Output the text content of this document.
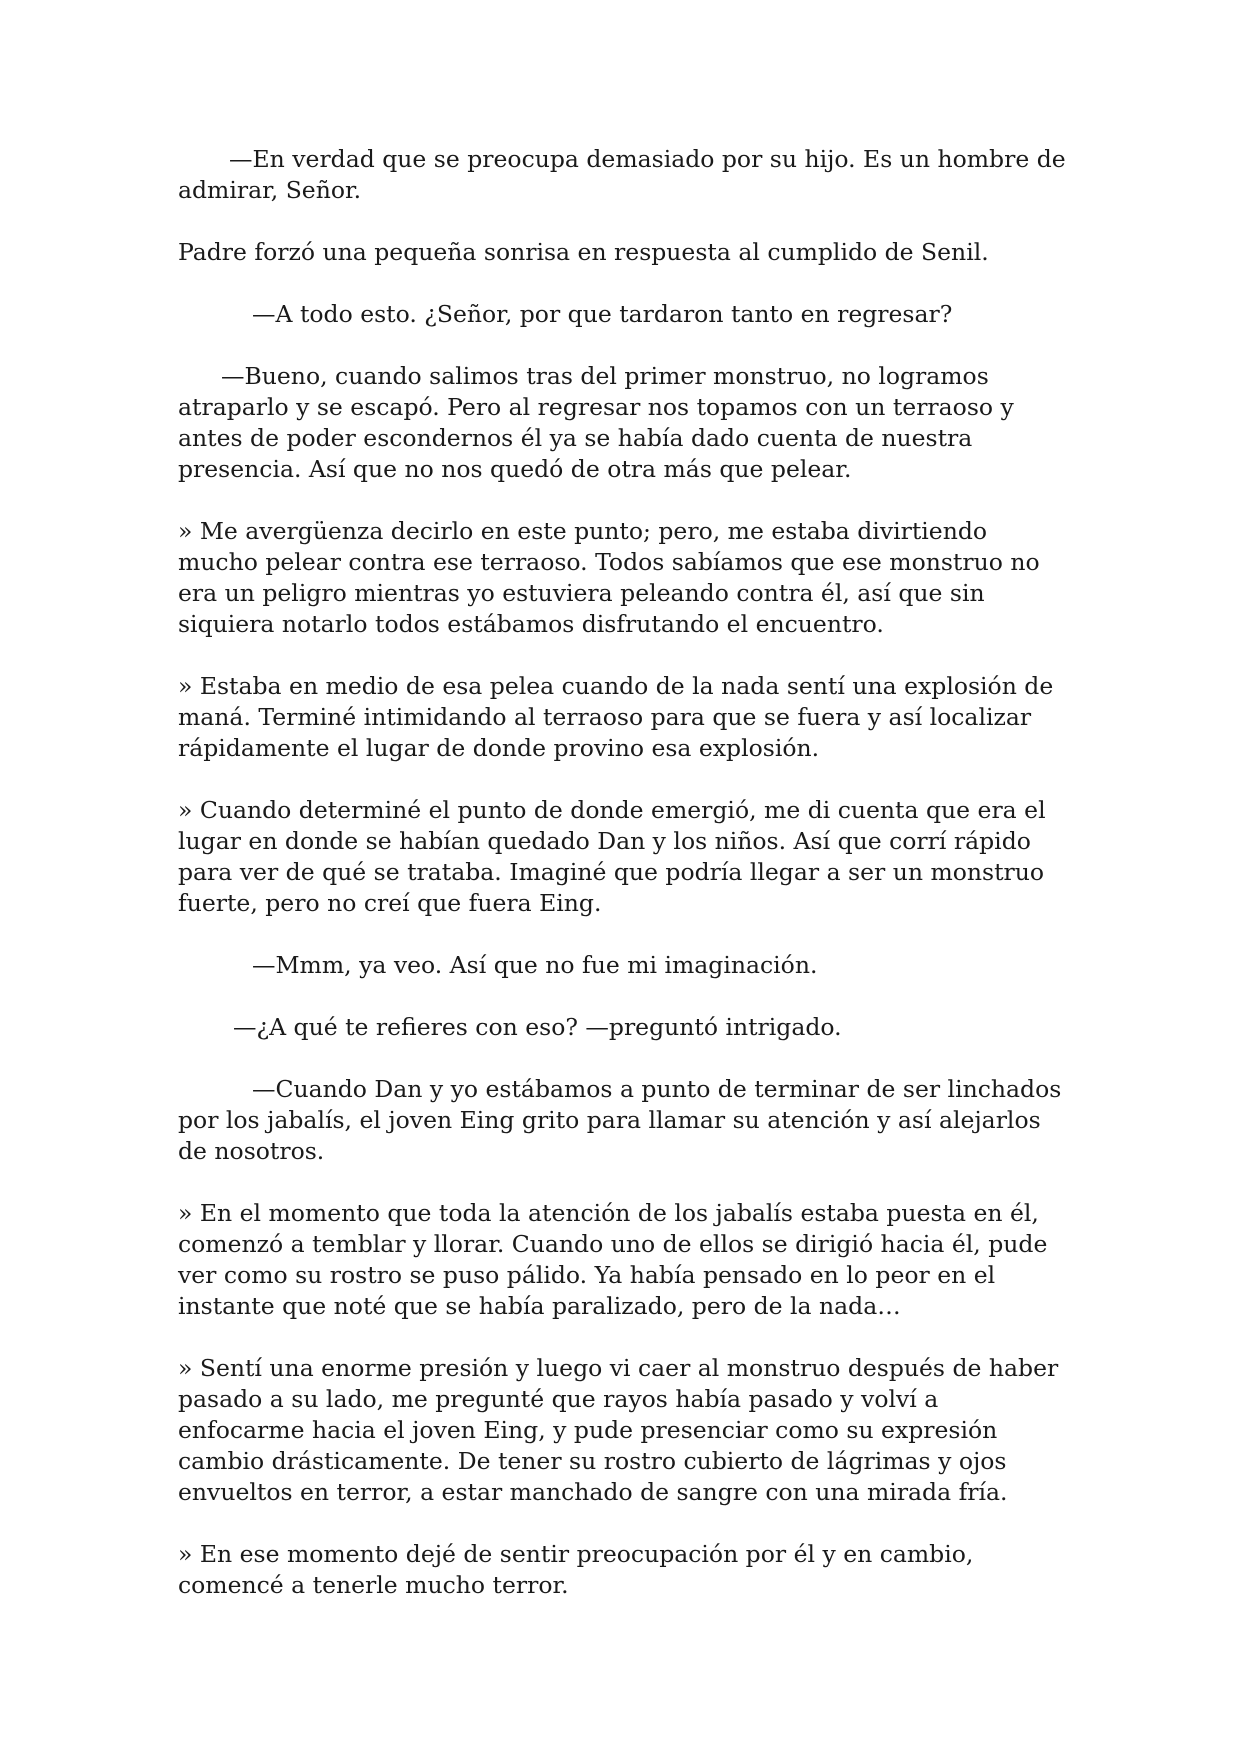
—En verdad que se preocupa demasiado por su hijo. Es un hombre de admirar, Señor.

Padre forzó una pequeña sonrisa en respuesta al cumplido de Senil.

—A todo esto. ¿Señor, por que tardaron tanto en regresar?

—Bueno, cuando salimos tras del primer monstruo, no logramos atraparlo y se escapó. Pero al regresar nos topamos con un terraoso y antes de poder escondernos él ya se había dado cuenta de nuestra presencia. Así que no nos quedó de otra más que pelear.

» Me avergüenza decirlo en este punto; pero, me estaba divirtiendo mucho pelear contra ese terraoso. Todos sabíamos que ese monstruo no era un peligro mientras yo estuviera peleando contra él, así que sin siquiera notarlo todos estábamos disfrutando el encuentro.

» Estaba en medio de esa pelea cuando de la nada sentí una explosión de maná. Terminé intimidando al terraoso para que se fuera y así localizar rápidamente el lugar de donde provino esa explosión.

» Cuando determiné el punto de donde emergió, me di cuenta que era el lugar en donde se habían quedado Dan y los niños. Así que corrí rápido para ver de qué se trataba. Imaginé que podría llegar a ser un monstruo fuerte, pero no creí que fuera Eing.

—Mmm, ya veo. Así que no fue mi imaginación.

—¿A qué te refieres con eso? —preguntó intrigado.

—Cuando Dan y yo estábamos a punto de terminar de ser linchados por los jabalís, el joven Eing grito para llamar su atención y así alejarlos de nosotros.

» En el momento que toda la atención de los jabalís estaba puesta en él, comenzó a temblar y llorar. Cuando uno de ellos se dirigió hacia él, pude ver como su rostro se puso pálido. Ya había pensado en lo peor en el instante que noté que se había paralizado, pero de la nada…

» Sentí una enorme presión y luego vi caer al monstruo después de haber pasado a su lado, me pregunté que rayos había pasado y volví a enfocarme hacia el joven Eing, y pude presenciar como su expresión cambio drásticamente. De tener su rostro cubierto de lágrimas y ojos envueltos en terror, a estar manchado de sangre con una mirada fría.

» En ese momento dejé de sentir preocupación por él y en cambio, comencé a tenerle mucho terror.
